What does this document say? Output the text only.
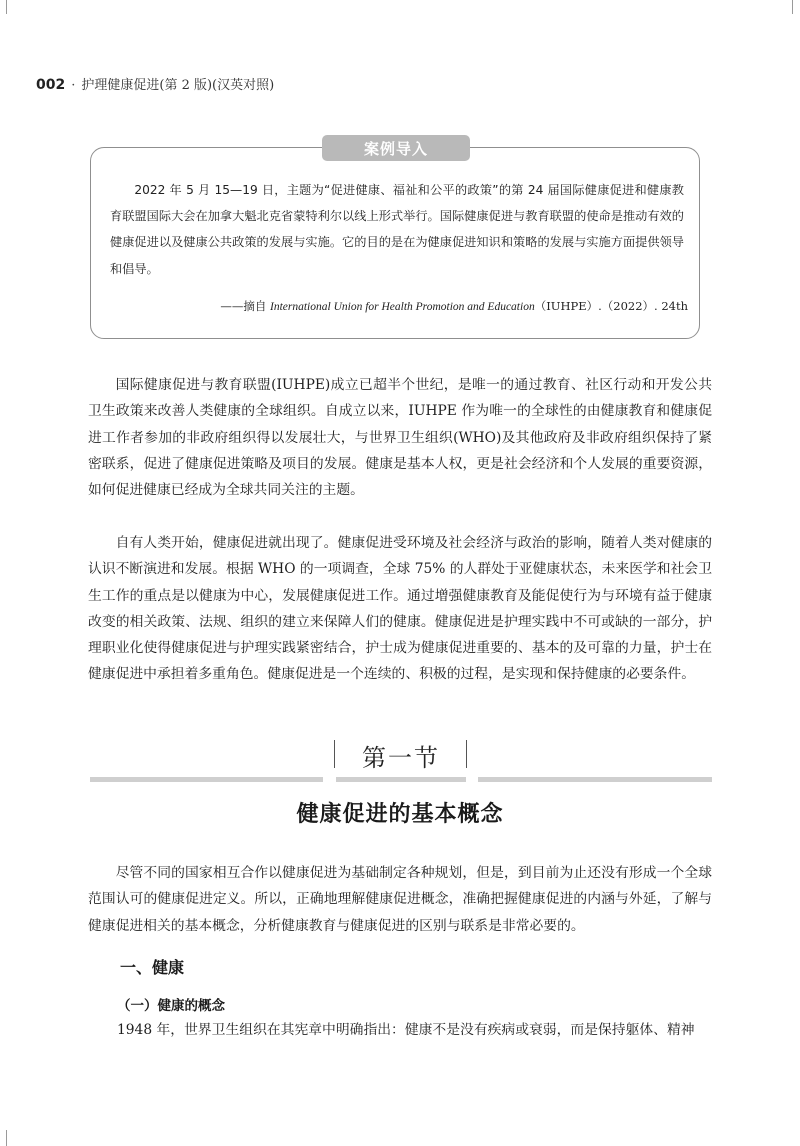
002 · 护理健康促进(第 2 版)(汉英对照)
案例导入

2022 年 5 月 15—19 日，主题为“促进健康、福祉和公平的政策”的第 24 届国际健康促进和健康教育联盟国际大会在加拿大魁北克省蒙特利尔以线上形式举行。国际健康促进与教育联盟的使命是推动有效的健康促进以及健康公共政策的发展与实施。它的目的是在为健康促进知识和策略的发展与实施方面提供领导和倡导。

——摘自 International Union for Health Promotion and Education（IUHPE）.（2022）. 24th

国际健康促进与教育联盟(IUHPE)成立已超半个世纪，是唯一的通过教育、社区行动和开发公共卫生政策来改善人类健康的全球组织。自成立以来，IUHPE 作为唯一的全球性的由健康教育和健康促进工作者参加的非政府组织得以发展壮大，与世界卫生组织(WHO)及其他政府及非政府组织保持了紧密联系，促进了健康促进策略及项目的发展。健康是基本人权，更是社会经济和个人发展的重要资源，如何促进健康已经成为全球共同关注的主题。

自有人类开始，健康促进就出现了。健康促进受环境及社会经济与政治的影响，随着人类对健康的认识不断演进和发展。根据 WHO 的一项调查，全球 75% 的人群处于亚健康状态，未来医学和社会卫生工作的重点是以健康为中心，发展健康促进工作。通过增强健康教育及能促使行为与环境有益于健康改变的相关政策、法规、组织的建立来保障人们的健康。健康促进是护理实践中不可或缺的一部分，护理职业化使得健康促进与护理实践紧密结合，护士成为健康促进重要的、基本的及可靠的力量，护士在健康促进中承担着多重角色。健康促进是一个连续的、积极的过程，是实现和保持健康的必要条件。

第一节
健康促进的基本概念

尽管不同的国家相互合作以健康促进为基础制定各种规划，但是，到目前为止还没有形成一个全球范围认可的健康促进定义。所以，正确地理解健康促进概念，准确把握健康促进的内涵与外延，了解与健康促进相关的基本概念，分析健康教育与健康促进的区别与联系是非常必要的。

一、健康
（一）健康的概念

1948 年，世界卫生组织在其宪章中明确指出：健康不是没有疾病或衰弱，而是保持躯体、精神
